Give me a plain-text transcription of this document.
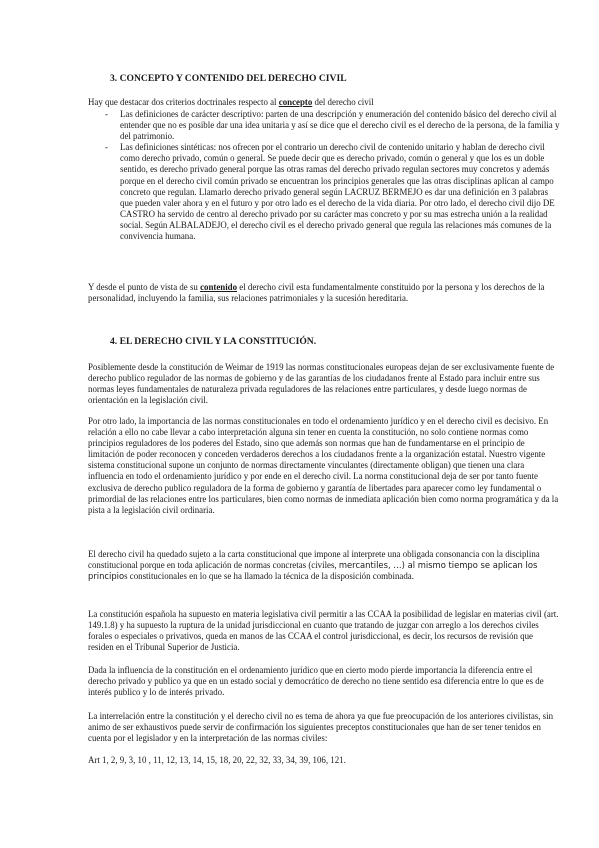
3. CONCEPTO Y CONTENIDO DEL DERECHO CIVIL

Hay que destacar dos criterios doctrinales respecto al concepto del derecho civil

- Las definiciones de carácter descriptivo: parten de una descripción y enumeración del contenido básico del derecho civil al entender que no es posible dar una idea unitaria y así se dice que el derecho civil es el derecho de la persona, de la familia y del patrimonio.
- Las definiciones sintéticas: nos ofrecen por el contrario un derecho civil de contenido unitario y hablan de derecho civil como derecho privado, común o general. Se puede decir que es derecho privado, común o general y que los es un doble sentido, es derecho privado general porque las otras ramas del derecho privado regulan sectores muy concretos y además porque en el derecho civil común privado se encuentran los principios generales que las otras disciplinas aplican al campo concreto que regulan. Llamarlo derecho privado general según LACRUZ BERMEJO es dar una definición en 3 palabras que pueden valer ahora y en el futuro y por otro lado es el derecho de la vida diaria. Por otro lado, el derecho civil dijo DE CASTRO ha servido de centro al derecho privado por su carácter mas concreto y por su mas estrecha unión a la realidad social. Según ALBALADEJO, el derecho civil es el derecho privado general que regula las relaciones más comunes de la convivencia humana.

Y desde el punto de vista de su contenido el derecho civil esta fundamentalmente constituido por la persona y los derechos de la personalidad, incluyendo la familia, sus relaciones patrimoniales y la sucesión hereditaria.

4. EL DERECHO CIVIL Y LA CONSTITUCIÓN.

Posiblemente desde la constitución de Weimar de 1919 las normas constitucionales europeas dejan de ser exclusivamente fuente de derecho publico regulador de las normas de gobierno y de las garantías de los ciudadanos frente al Estado para incluir entre sus normas leyes fundamentales de naturaleza privada reguladores de las relaciones entre particulares, y desde luego normas de orientación en la legislación civil.

Por otro lado, la importancia de las normas constitucionales en todo el ordenamiento jurídico y en el derecho civil es decisivo. En relación a ello no cabe llevar a cabo interpretación alguna sin tener en cuenta la constitución, no solo contiene normas como principios reguladores de los poderes del Estado, sino que además son normas que han de fundamentarse en el principio de limitación de poder reconocen y conceden verdaderos derechos a los ciudadanos frente a la organización estatal. Nuestro vigente sistema constitucional supone un conjunto de normas directamente vinculantes (directamente obligan) que tienen una clara influencia en todo el ordenamiento jurídico y por ende en el derecho civil. La norma constitucional deja de ser por tanto fuente exclusiva de derecho publico reguladora de la forma de gobierno y garantía de libertades para aparecer como ley fundamental o primordial de las relaciones entre los particulares, bien como normas de inmediata aplicación bien como norma programática y da la pista a la legislación civil ordinaria.

El derecho civil ha quedado sujeto a la carta constitucional que impone al interprete una obligada consonancia con la disciplina constitucional porque en toda aplicación de normas concretas (civiles, mercantiles, …) al mismo tiempo se aplican los principios constitucionales en lo que se ha llamado la técnica de la disposición combinada.

La constitución española ha supuesto en materia legislativa civil permitir a las CCAA la posibilidad de legislar en materias civil (art. 149.1.8) y ha supuesto la ruptura de la unidad jurisdiccional en cuanto que tratando de juzgar con arreglo a los derechos civiles forales o especiales o privativos, queda en manos de las CCAA el control jurisdiccional, es decir, los recursos de revisión que residen en el Tribunal Superior de Justicia.

Dada la influencia de la constitución en el ordenamiento jurídico que en cierto modo pierde importancia la diferencia entre el derecho privado y publico ya que en un estado social y democrático de derecho no tiene sentido esa diferencia entre lo que es de interés publico y lo de interés privado.

La interrelación entre la constitución y el derecho civil no es tema de ahora ya que fue preocupación de los anteriores civilistas, sin animo de ser exhaustivos puede servir de confirmación los siguientes preceptos constitucionales que han de ser tener tenidos en cuenta por el legislador y en la interpretación de las normas civiles:

Art 1, 2, 9, 3, 10 , 11, 12, 13, 14, 15, 18, 20, 22, 32, 33, 34, 39, 106, 121.
